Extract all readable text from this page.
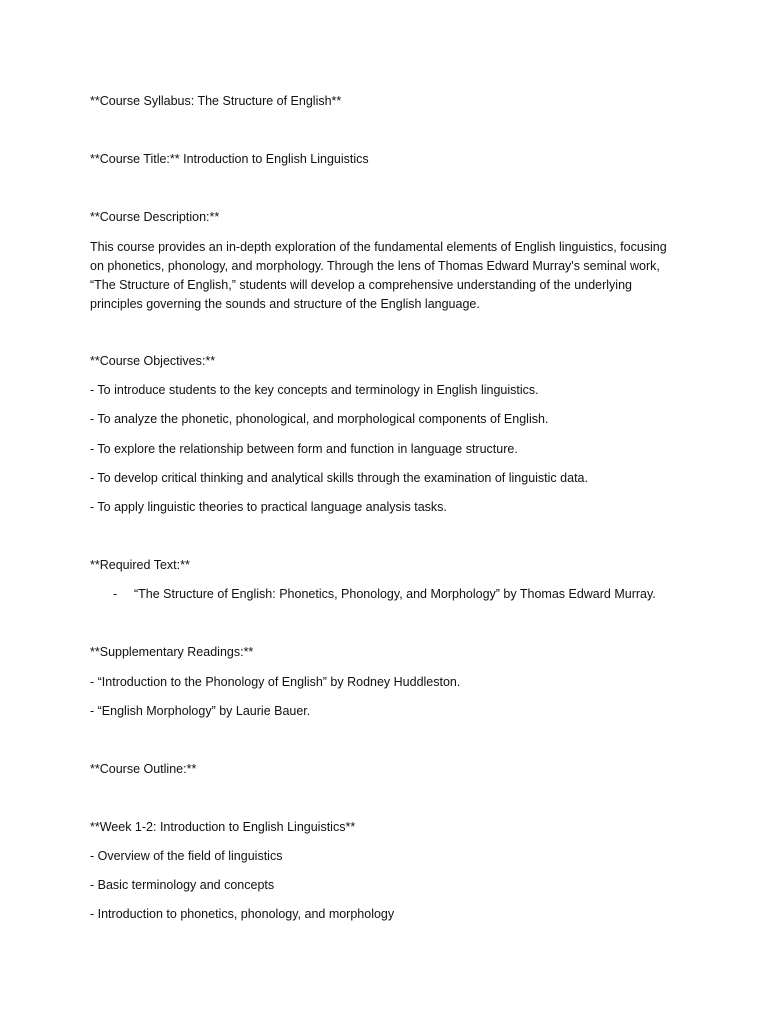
**Course Syllabus: The Structure of English**
**Course Title:** Introduction to English Linguistics
**Course Description:**
This course provides an in-depth exploration of the fundamental elements of English linguistics, focusing
on phonetics, phonology, and morphology. Through the lens of Thomas Edward Murray's seminal work,
“The Structure of English,” students will develop a comprehensive understanding of the underlying
principles governing the sounds and structure of the English language.
**Course Objectives:**
- To introduce students to the key concepts and terminology in English linguistics.
- To analyze the phonetic, phonological, and morphological components of English.
- To explore the relationship between form and function in language structure.
- To develop critical thinking and analytical skills through the examination of linguistic data.
- To apply linguistic theories to practical language analysis tasks.
**Required Text:**
- “The Structure of English: Phonetics, Phonology, and Morphology” by Thomas Edward Murray.
**Supplementary Readings:**
- “Introduction to the Phonology of English” by Rodney Huddleston.
- “English Morphology” by Laurie Bauer.
**Course Outline:**
**Week 1-2: Introduction to English Linguistics**
- Overview of the field of linguistics
- Basic terminology and concepts
- Introduction to phonetics, phonology, and morphology
